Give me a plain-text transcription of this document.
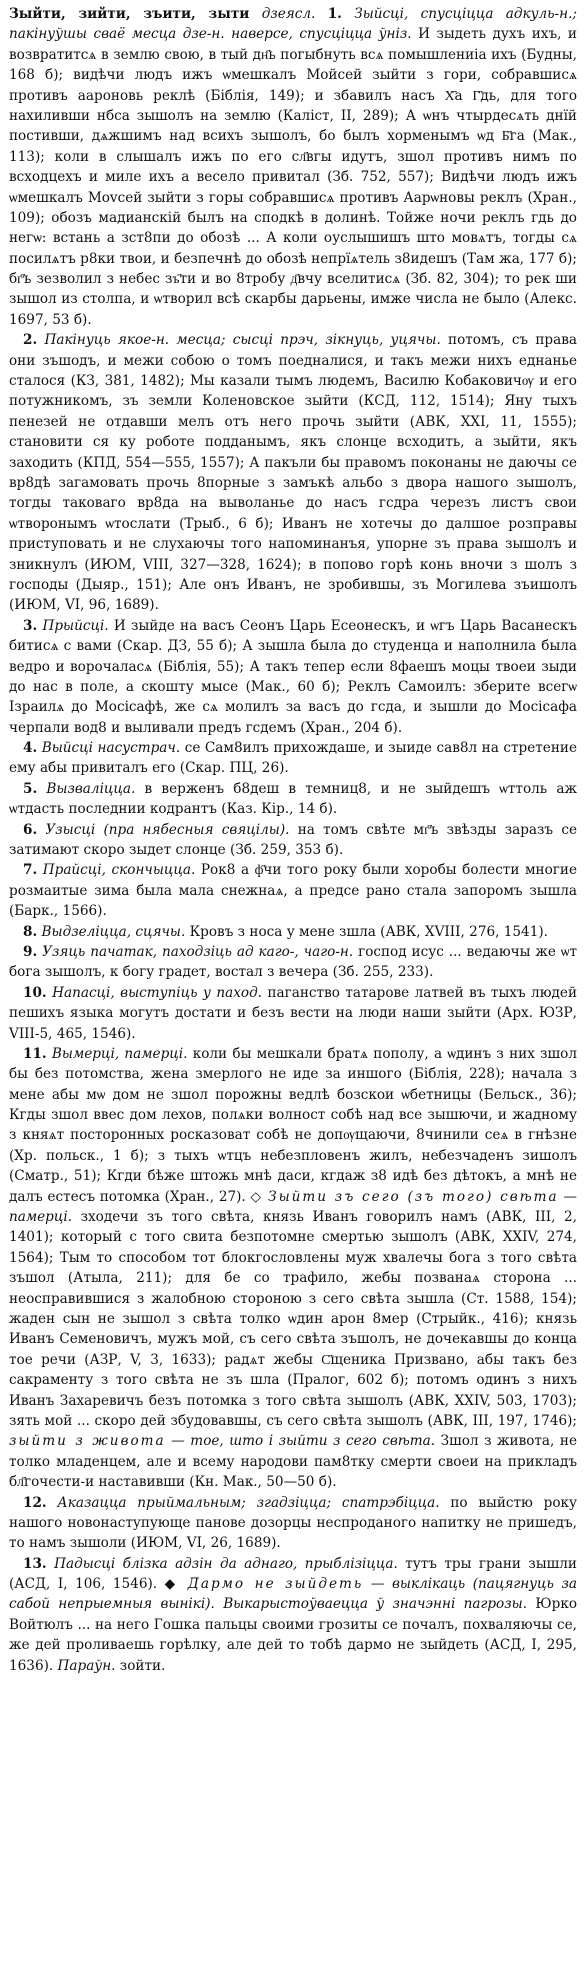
Зыйти, зийти, зъити, зыти дзеясл. 1. Зыйсці, спусціцца адкуль-н.; пакінуўшы сваё месца дзе-н. наверсе, спусціцца ўніз. И зыдеть духъ ихъ, и возвратитсѧ в землю свою, в тый дн҃ь погыбнуть всѧ помышлениіа ихъ (Будны, 168 б); видѣчи людъ ижъ ѡмешкалъ Мойсей зыйти з гори, собравшисѧ противъ аароновь реклѣ (Біблія, 149); и збавилъ насъ Х҃а Г҃дь, для того нахиливши нбса зышолъ на землю (Каліст, II, 289); А ѡнъ чтырдесѧть днїй постивши, дѧжшимъ над всихъ зышолъ, бо былъ хорменымъ ѡд Б҃га (Мак., 113); коли в слышалъ ижъ по его сл҃вгы идутъ, зшол противъ нимъ по всходцехъ и миле ихъ а весело привитал (Зб. 752, 557); Видѣчи людъ ижъ ѡмешкалъ Моvсей зыйти з горы собравшисѧ противъ Аарѡновы реклъ (Хран., 109); обозъ мадианскій былъ на сподкѣ в долинѣ. Тойже ночи реклъ гдь до негѡ: встань а зст8пи до обозѣ ... А коли оуслышишъ што мовѧтъ, тогды сѧ посилѧтъ р8ки твои, и безпечнѣ до обозѣ непрїѧтель з8идешъ (Там жа, 177 б); бг҃ъ зезволил з небес зъ҃ти и во 8тробу д҃вчу вселитисѧ (Зб. 82, 304); то рек ши зышол из столпа, и ѡтворил всѣ скарбы дарьены, имже числа не было (Алекс. 1697, 53 б).

2. Пакінуць якое-н. месца; сысці прэч, зікнуць, уцячы. потомъ, съ права они зъшодъ, и межи собою о томъ поедналися, и такъ межи нихъ еднанье сталося (КЗ, 381, 1482); Мы казали тымъ людемъ, Василю Кобаковичѹ и его потужникомъ, зъ земли Коленовское зыйти (КСД, 112, 1514); Яну тыхъ пенезей не отдавши мелъ отъ него прочь зыйти (АВК, XXI, 11, 1555); становити ся ку роботе подданымъ, якъ слонце всходить, а зыйти, якъ заходить (КПД, 554—555, 1557); А пакъли бы правомъ поконаны не даючы се вр8дѣ загамовать прочь 8порные з замъкѣ альбо з двора нашого зышолъ, тогды таковаго вр8да на выволанье до насъ гсдра черезъ листъ свои ѡтворонымъ ѡтослати (Трыб., 6 б); Иванъ не хотечы до далшое розправы приступовать и не слухаючы того напоминанъя, упорне зъ права зышолъ и зникнулъ (ИЮМ, VIII, 327—328, 1624); в попово горѣ конь вночи з шолъ з господы (Дыяр., 151); Але онъ Иванъ, не зробившы, зъ Могилева зъишолъ (ИЮМ, VI, 96, 1689).

3. Прыйсці. И зыйде на васъ Сеонъ Царь Есеонескъ, и ѡгъ Царь Васанескъ битисѧ с вами (Скар. ДЗ, 55 б); А зышла была до студенца и наполнила была ведро и ворочаласѧ (Біблія, 55); А такъ тепер если 8фаешъ моцы твоеи зыди до нас в поле, а скошту мысе (Мак., 60 б); Реклъ Самоилъ: зберите всегѡ Ізраилѧ до Мосісафѣ, же сѧ молилъ за васъ до гсда, и зышли до Мосісафа черпали вод8 и выливали предъ гсдемъ (Хран., 204 б).

4. Выйсці насустрач. се Сам8илъ прихождаше, и зыиде сав8л на стретение ему абы привиталъ его (Скар. ПЦ, 26).

5. Вызваліцца. в верженъ б8деш в темниц8, и не зыйдешъ ѡттоль аж ѡтдасть последнии кодрантъ (Каз. Кір., 14 б).

6. Узысці (пра нябесныя свяцілы). на томъ свѣте мг҃ъ звѣзды заразъ се затимают скоро зыдет слонце (Зб. 259, 353 б).

7. Прайсці, скончыцца. Рок8 а ф҃чи того року были хоробы болести многие розмаитые зима была мала снежнаѧ, а предсе рано стала запоромъ зышла (Барк., 1566).

8. Выдзеліцца, сцячы. Кровъ з носа у мене зшла (АВК, XVIII, 276, 1541).

9. Узяць пачатак, паходзіць ад каго-, чаго-н. господ исус ... ведаючы же ѡт бога зышолъ, к богу градет, востал з вечера (Зб. 255, 233).

10. Напасці, выступіць у паход. паганство татарове латвей въ тыхъ людей пешихъ языка могутъ достати и безъ вести на люди наши зыйти (Арх. ЮЗР, VIII-5, 465, 1546).

11. Вымерці, памерці. коли бы мешкали братѧ пополу, а ѡдинъ з них зшол бы без потомства, жена змерлого не иде за иншого (Біблія, 228); начала з мене абы мѡ дом не зшол порожны ведлѣ бозскои ѡбетницы (Бельск., 36); Кгды зшол ввес дом лехов, полѧки волност собѣ над все зышючи, и жадному з княѧт посторонных росказоват собѣ не допѹщаючи, 8чинили сеѧ в гнѣзне (Хр. польск., 1 б); з тыхъ ѡтцъ небезпловенъ жилъ, небезчаденъ зишолъ (Сматр., 51); Кгди бѣже штожь мнѣ даси, кгдаж з8 идѣ без дѣтокъ, а мнѣ не далъ естесъ потомка (Хран., 27). ◇ Зыйти зъ сего (зъ того) свѣта — памерці. зходечи зъ того свѣта, князь Иванъ говорилъ намъ (АВК, III, 2, 1401); который с того свита безпотомне смертью зышолъ (АВК, XXIV, 274, 1564); Тым то способом тот блокгословлены муж хвалечы бога з того свѣта зъшол (Атыла, 211); для бе со трафило, жебы позванаѧ сторона ... неосправившися з жалобною стороною з сего свѣта зышла (Ст. 1588, 154); жаден сын не зышол з свѣта толко ѡдин арон 8мер (Стрыйк., 416); князь Иванъ Семеновичъ, мужъ мой, съ сего свѣта зъшолъ, не дочекавшы до конца тое речи (АЗР, V, 3, 1633); радѧт жебы С҃щеника Призвано, абы такъ без сакраменту з того свѣта не зъ шла (Пралог, 602 б); потомъ одинъ з нихъ Иванъ Захаревичъ безъ потомка з того свѣта зышолъ (АВК, XXIV, 503, 1703); зять мой ... скоро дей збудовавшы, съ сего свѣта зышолъ (АВК, III, 197, 1746); зыйти з живота — тое, што і зыйти з сего свѣта. Зшол з живота, не толко младенцем, але и всему народови пам8тку смерти своеи на прикладъ бл҃гочести-и наставивши (Кн. Мак., 50—50 б).

12. Аказацца прыймальным; згадзіцца; спатрэбіцца. по выйстю року нашого новонаступующе панове дозорцы неспроданого напитку не пришедъ, то намъ зышоли (ИЮМ, VI, 26, 1689).

13. Падысці блізка адзін да аднаго, прыблізіцца. тутъ тры грани зышли (АСД, I, 106, 1546). ◆ Дармо не зыйдеть — выклікаць (пацягнуць за сабой непрыемныя вынікі). Выкарыстоўваецца ў значэнні пагрозы. Юрко Войтюлъ ... на него Гошка пальцы своими грозиты се почалъ, похваляючы се, же дей проливаешь горѣлку, але дей то тобѣ дармо не зыйдеть (АСД, I, 295, 1636). Параўн. зойти.
